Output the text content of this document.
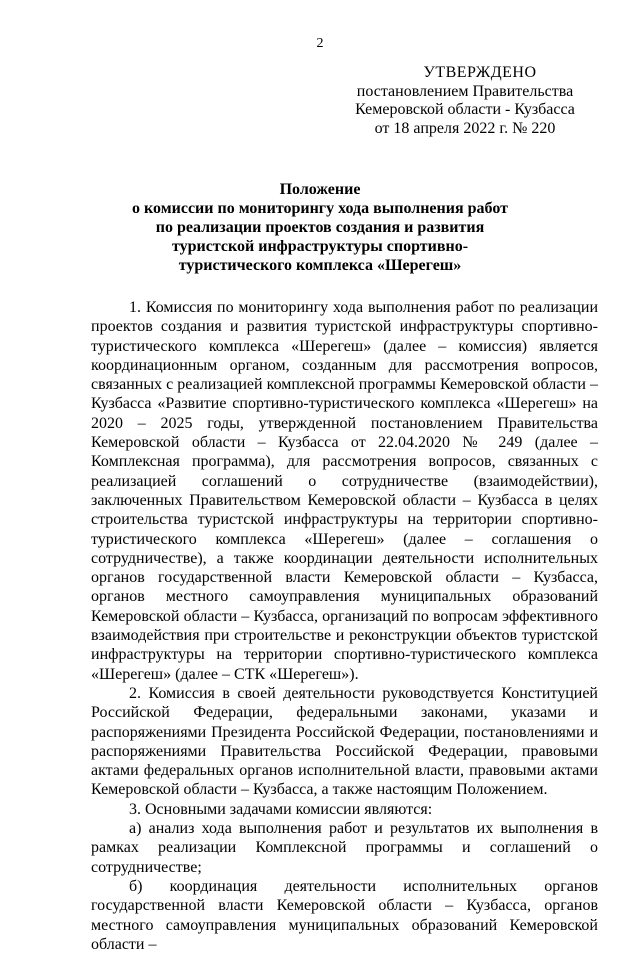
2
УТВЕРЖДЕНО
постановлением Правительства
Кемеровской области - Кузбасса
от 18 апреля 2022 г. № 220
Положение
о комиссии по мониторингу хода выполнения работ
по реализации проектов создания и развития
туристской инфраструктуры спортивно-
туристического комплекса «Шерегеш»

1. Комиссия по мониторингу хода выполнения работ по реализации проектов создания и развития туристской инфраструктуры спортивно-туристического комплекса «Шерегеш» (далее – комиссия) является координационным органом, созданным для рассмотрения вопросов, связанных с реализацией комплексной программы Кемеровской области – Кузбасса «Развитие спортивно-туристического комплекса «Шерегеш» на 2020 – 2025 годы, утвержденной постановлением Правительства Кемеровской области – Кузбасса от 22.04.2020 № 249 (далее – Комплексная программа), для рассмотрения вопросов, связанных с реализацией соглашений о сотрудничестве (взаимодействии), заключенных Правительством Кемеровской области – Кузбасса в целях строительства туристской инфраструктуры на территории спортивно-туристического комплекса «Шерегеш» (далее – соглашения о сотрудничестве), а также координации деятельности исполнительных органов государственной власти Кемеровской области – Кузбасса, органов местного самоуправления муниципальных образований Кемеровской области – Кузбасса, организаций по вопросам эффективного взаимодействия при строительстве и реконструкции объектов туристской инфраструктуры на территории спортивно-туристического комплекса «Шерегеш» (далее – СТК «Шерегеш»).

2. Комиссия в своей деятельности руководствуется Конституцией Российской Федерации, федеральными законами, указами и распоряжениями Президента Российской Федерации, постановлениями и распоряжениями Правительства Российской Федерации, правовыми актами федеральных органов исполнительной власти, правовыми актами Кемеровской области – Кузбасса, а также настоящим Положением.

3. Основными задачами комиссии являются:

а) анализ хода выполнения работ и результатов их выполнения в рамках реализации Комплексной программы и соглашений о сотрудничестве;

б) координация деятельности исполнительных органов государственной власти Кемеровской области – Кузбасса, органов местного самоуправления муниципальных образований Кемеровской области –
